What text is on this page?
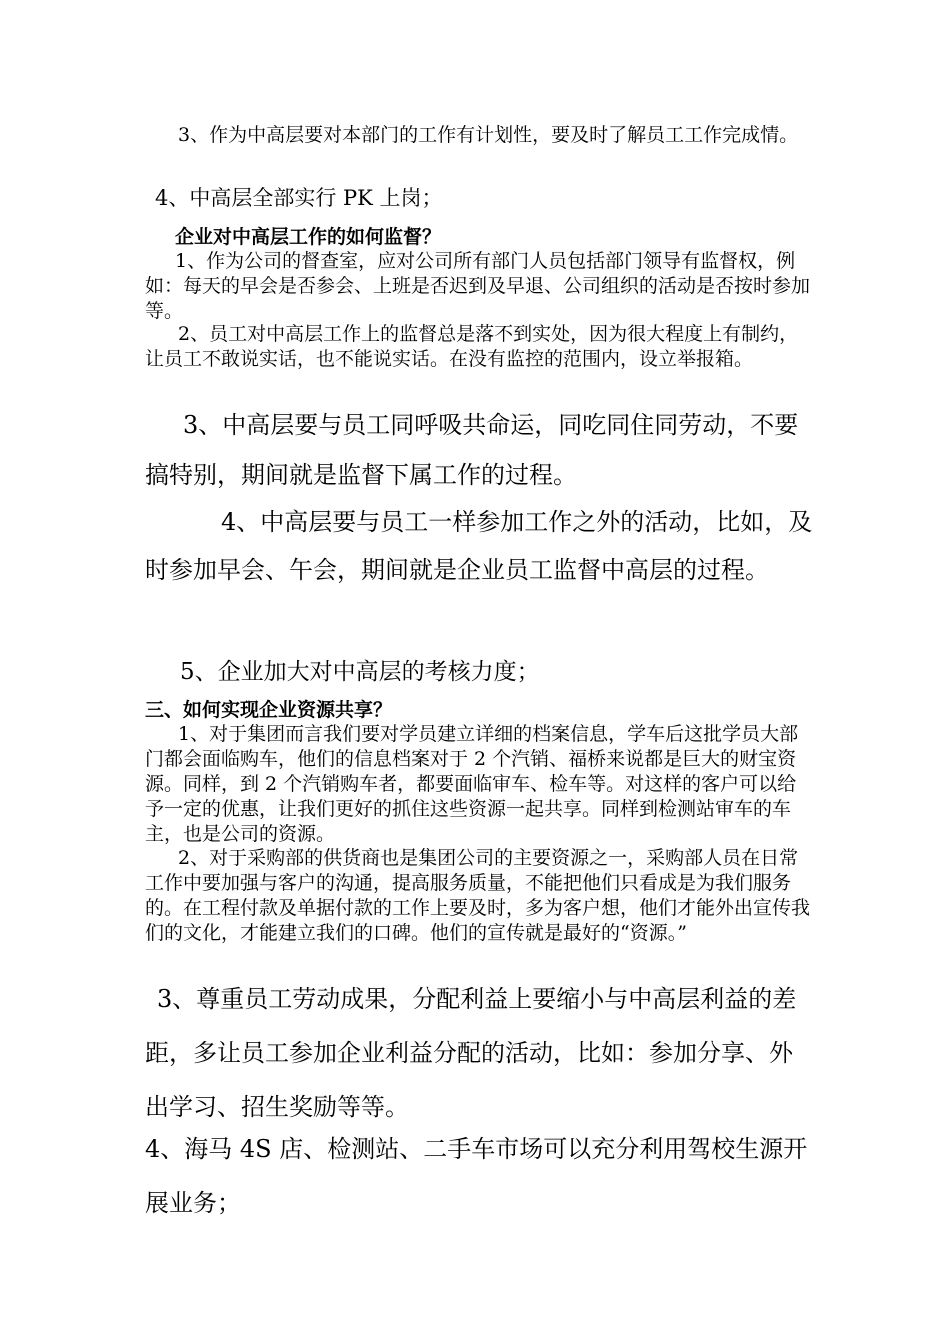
3、作为中高层要对本部门的工作有计划性，要及时了解员工工作完成情。

4、中高层全部实行 PK 上岗；

企业对中高层工作的如何监督？

1、作为公司的督查室，应对公司所有部门人员包括部门领导有监督权，例如：每天的早会是否参会、上班是否迟到及早退、公司组织的活动是否按时参加等。

2、员工对中高层工作上的监督总是落不到实处，因为很大程度上有制约，让员工不敢说实话，也不能说实话。在没有监控的范围内，设立举报箱。

3、中高层要与员工同呼吸共命运，同吃同住同劳动，不要搞特别，期间就是监督下属工作的过程。

4、中高层要与员工一样参加工作之外的活动，比如，及时参加早会、午会，期间就是企业员工监督中高层的过程。

5、企业加大对中高层的考核力度；

三、如何实现企业资源共享？

1、对于集团而言我们要对学员建立详细的档案信息，学车后这批学员大部门都会面临购车，他们的信息档案对于 2 个汽销、福桥来说都是巨大的财宝资源。同样，到 2 个汽销购车者，都要面临审车、检车等。对这样的客户可以给予一定的优惠，让我们更好的抓住这些资源一起共享。同样到检测站审车的车主，也是公司的资源。

2、对于采购部的供货商也是集团公司的主要资源之一，采购部人员在日常工作中要加强与客户的沟通，提高服务质量，不能把他们只看成是为我们服务的。在工程付款及单据付款的工作上要及时，多为客户想，他们才能外出宣传我们的文化，才能建立我们的口碑。他们的宣传就是最好的“资源。”

3、尊重员工劳动成果，分配利益上要缩小与中高层利益的差距，多让员工参加企业利益分配的活动，比如：参加分享、外出学习、招生奖励等等。

4、海马 4S 店、检测站、二手车市场可以充分利用驾校生源开展业务；
